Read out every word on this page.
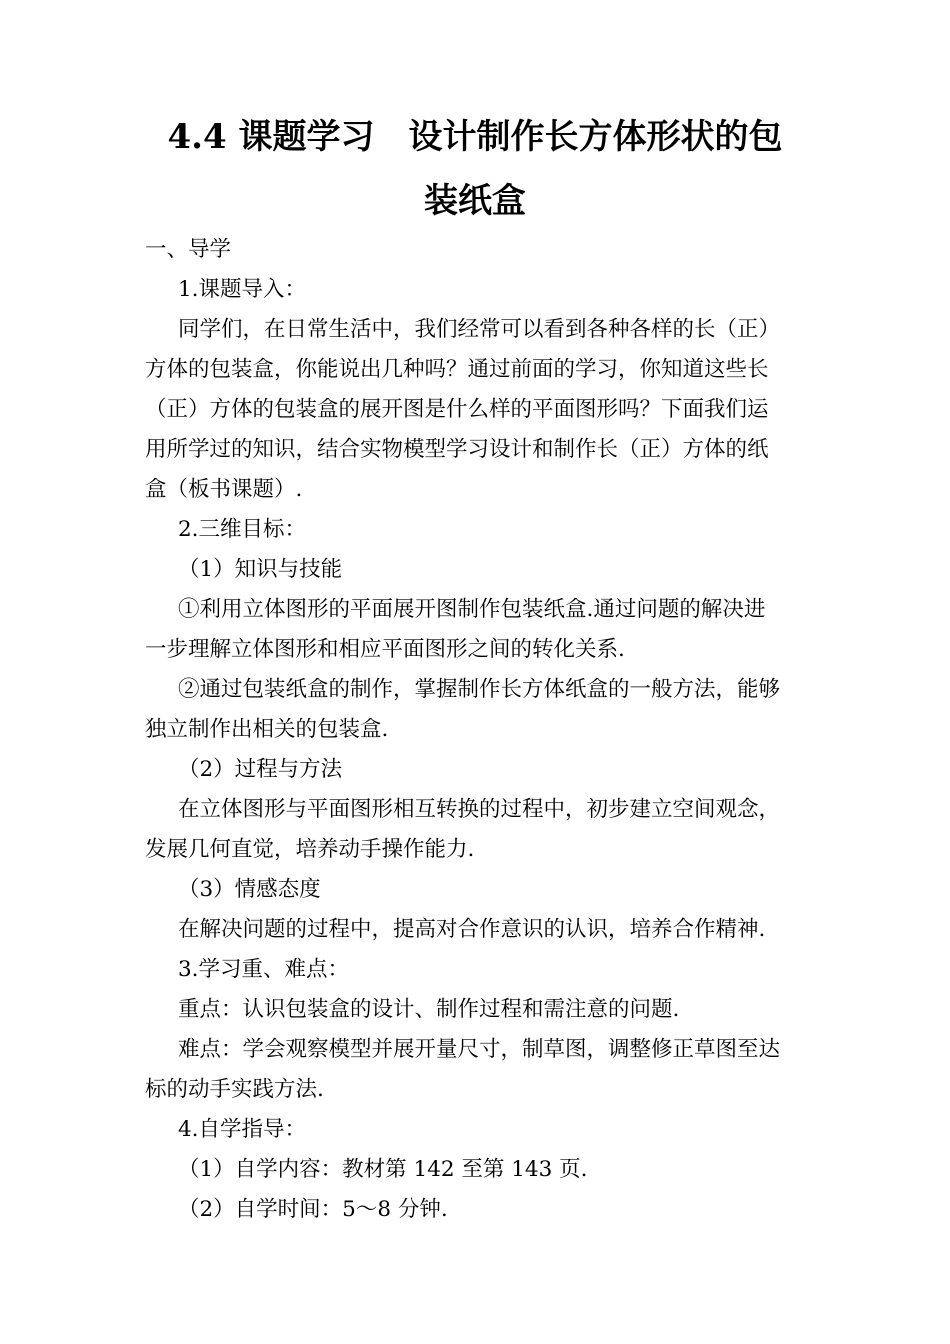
4.4 课题学习　设计制作长方体形状的包
装纸盒
一、导学
1.课题导入：
同学们，在日常生活中，我们经常可以看到各种各样的长（正）
方体的包装盒，你能说出几种吗？通过前面的学习，你知道这些长
（正）方体的包装盒的展开图是什么样的平面图形吗？下面我们运
用所学过的知识，结合实物模型学习设计和制作长（正）方体的纸
盒（板书课题）.
2.三维目标：
（1）知识与技能
①利用立体图形的平面展开图制作包装纸盒.通过问题的解决进
一步理解立体图形和相应平面图形之间的转化关系.
②通过包装纸盒的制作，掌握制作长方体纸盒的一般方法，能够
独立制作出相关的包装盒.
（2）过程与方法
在立体图形与平面图形相互转换的过程中，初步建立空间观念，
发展几何直觉，培养动手操作能力.
（3）情感态度
在解决问题的过程中，提高对合作意识的认识，培养合作精神.
3.学习重、难点：
重点：认识包装盒的设计、制作过程和需注意的问题.
难点：学会观察模型并展开量尺寸，制草图，调整修正草图至达
标的动手实践方法.
4.自学指导：
（1）自学内容：教材第 142 至第 143 页.
（2）自学时间：5～8 分钟.
